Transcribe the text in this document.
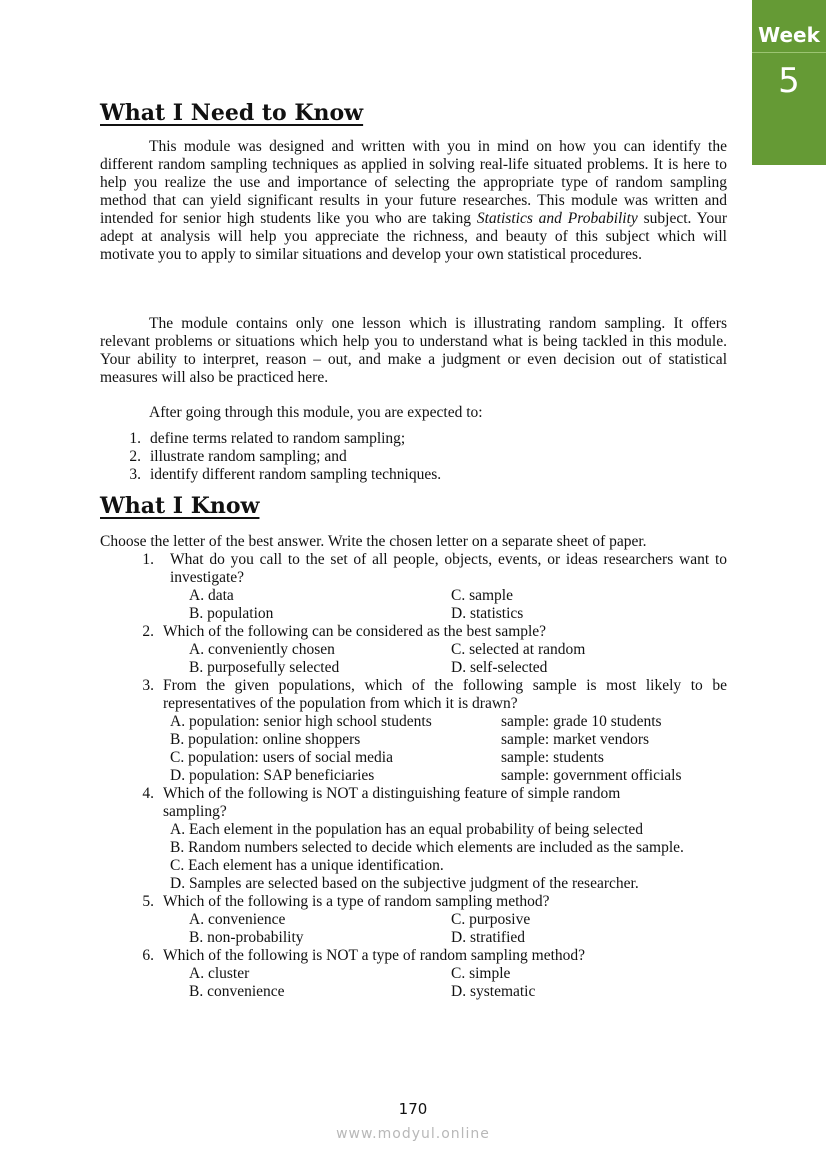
Week
5
What I Need to Know

This module was designed and written with you in mind on how you can identify the different random sampling techniques as applied in solving real-life situated problems. It is here to help you realize the use and importance of selecting the appropriate type of random sampling method that can yield significant results in your future researches. This module was written and intended for senior high students like you who are taking Statistics and Probability subject. Your adept at analysis will help you appreciate the richness, and beauty of this subject which will motivate you to apply to similar situations and develop your own statistical procedures.

The module contains only one lesson which is illustrating random sampling. It offers relevant problems or situations which help you to understand what is being tackled in this module. Your ability to interpret, reason – out, and make a judgment or even decision out of statistical measures will also be practiced here.

After going through this module, you are expected to:

1. define terms related to random sampling;
2. illustrate random sampling; and
3. identify different random sampling techniques.
What I Know

Choose the letter of the best answer. Write the chosen letter on a separate sheet of paper.

1.	What do you call to the set of all people, objects, events, or ideas researchers want to investigate?
A. data	C. sample
B. population	D. statistics
2. Which of the following can be considered as the best sample?
A. conveniently chosen	C. selected at random
B. purposefully selected	D. self-selected
3. From the given populations, which of the following sample is most likely to be representatives of the population from which it is drawn?
A. population: senior high school students	sample: grade 10 students
B. population: online shoppers	sample: market vendors
C. population: users of social media	sample: students
D. population: SAP beneficiaries	sample: government officials
4. Which of the following is NOT a distinguishing feature of simple random sampling?
A. Each element in the population has an equal probability of being selected
B. Random numbers selected to decide which elements are included as the sample.
C. Each element has a unique identification.
D. Samples are selected based on the subjective judgment of the researcher.
5. Which of the following is a type of random sampling method?
A. convenience	C. purposive
B. non-probability	D. stratified
6. Which of the following is NOT a type of random sampling method?
A. cluster	C. simple
B. convenience	D. systematic
170
www.modyul.online
